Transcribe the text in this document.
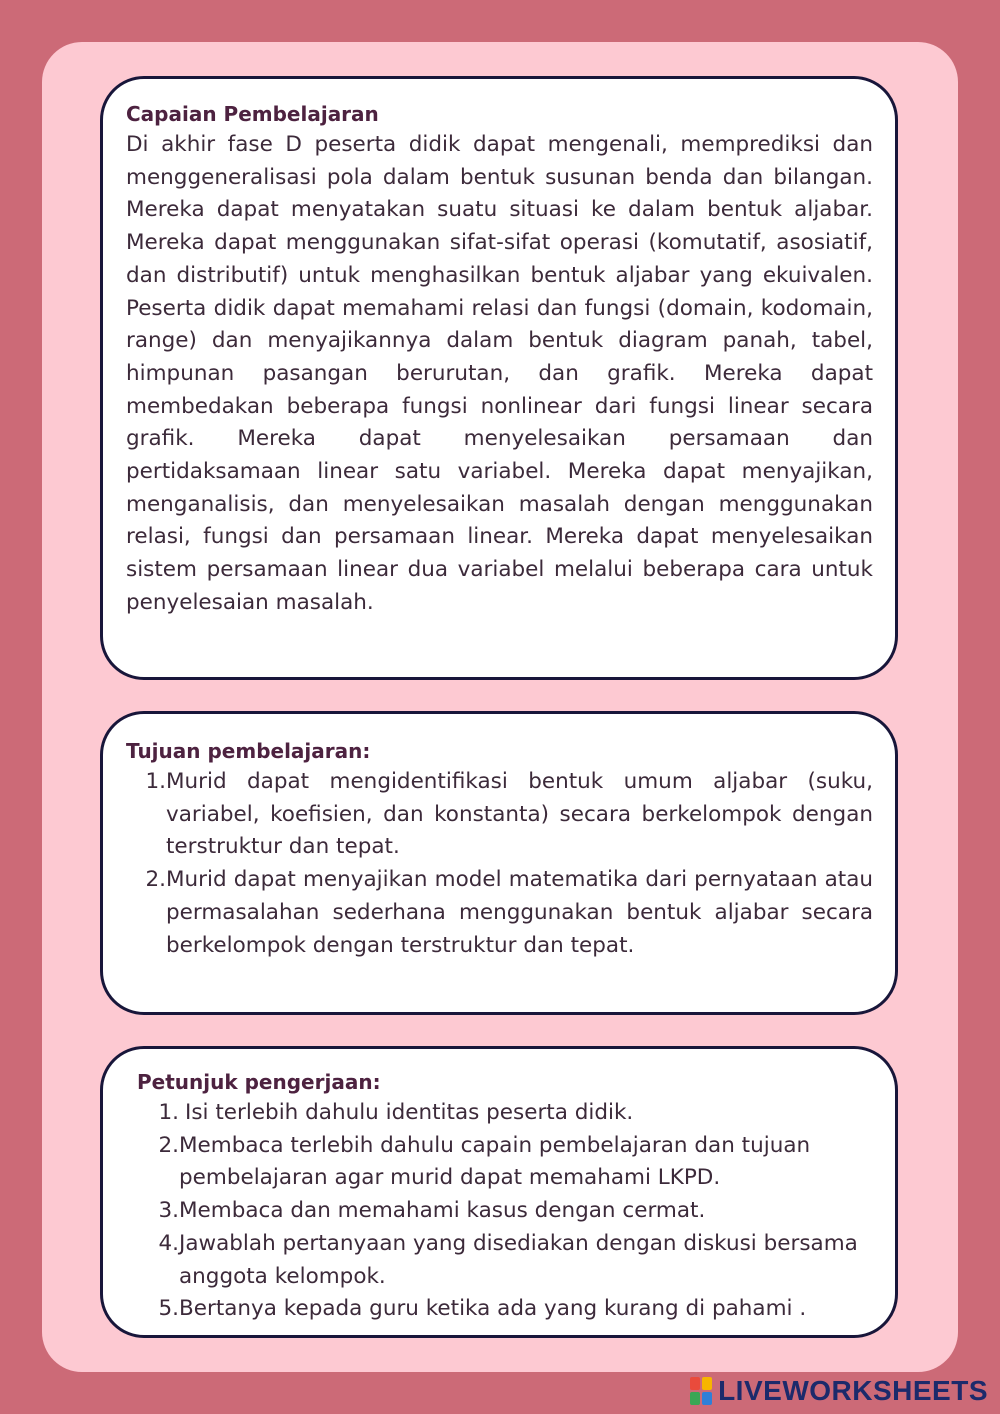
Capaian Pembelajaran
Di akhir fase D peserta didik dapat mengenali, memprediksi dan menggeneralisasi pola dalam bentuk susunan benda dan bilangan. Mereka dapat menyatakan suatu situasi ke dalam bentuk aljabar. Mereka dapat menggunakan sifat-sifat operasi (komutatif, asosiatif, dan distributif) untuk menghasilkan bentuk aljabar yang ekuivalen. Peserta didik dapat memahami relasi dan fungsi (domain, kodomain, range) dan menyajikannya dalam bentuk diagram panah, tabel, himpunan pasangan berurutan, dan grafik. Mereka dapat membedakan beberapa fungsi nonlinear dari fungsi linear secara grafik. Mereka dapat menyelesaikan persamaan dan pertidaksamaan linear satu variabel. Mereka dapat menyajikan, menganalisis, dan menyelesaikan masalah dengan menggunakan relasi, fungsi dan persamaan linear. Mereka dapat menyelesaikan sistem persamaan linear dua variabel melalui beberapa cara untuk penyelesaian masalah.
Tujuan pembelajaran:
1. Murid dapat mengidentifikasi bentuk umum aljabar (suku, variabel, koefisien, dan konstanta) secara berkelompok dengan terstruktur dan tepat.
2. Murid dapat menyajikan model matematika dari pernyataan atau permasalahan sederhana menggunakan bentuk aljabar secara berkelompok dengan terstruktur dan tepat.
Petunjuk pengerjaan:
1. Isi terlebih dahulu identitas peserta didik.
2. Membaca terlebih dahulu capain pembelajaran dan tujuan pembelajaran agar murid dapat memahami LKPD.
3. Membaca dan memahami kasus dengan cermat.
4. Jawablah pertanyaan yang disediakan dengan diskusi bersama anggota kelompok.
5. Bertanya kepada guru ketika ada yang kurang di pahami .
LIVEWORKSHEETS
